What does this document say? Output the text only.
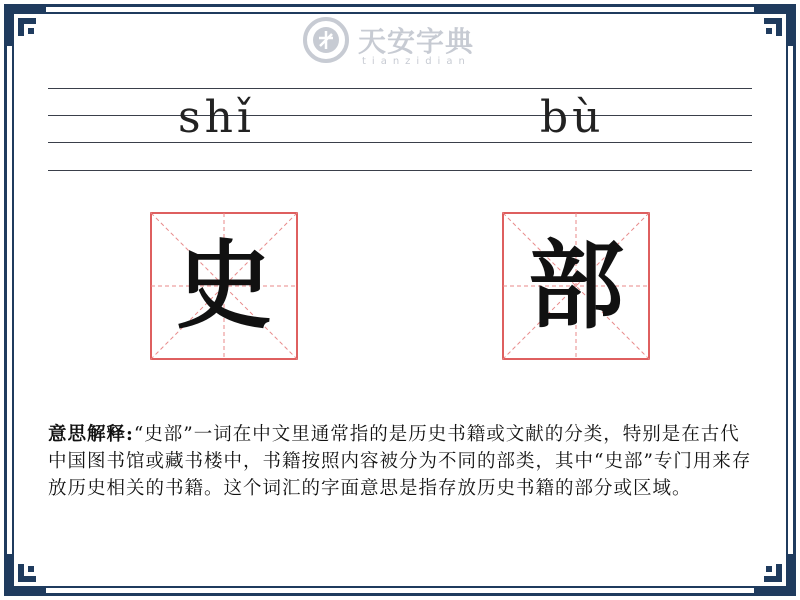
天安字典
tianzidian
shǐ	bù
史	部
意思解释:“史部”一词在中文里通常指的是历史书籍或文献的分类，特别是在古代中国图书馆或藏书楼中，书籍按照内容被分为不同的部类，其中“史部”专门用来存放历史相关的书籍。这个词汇的字面意思是指存放历史书籍的部分或区域。
